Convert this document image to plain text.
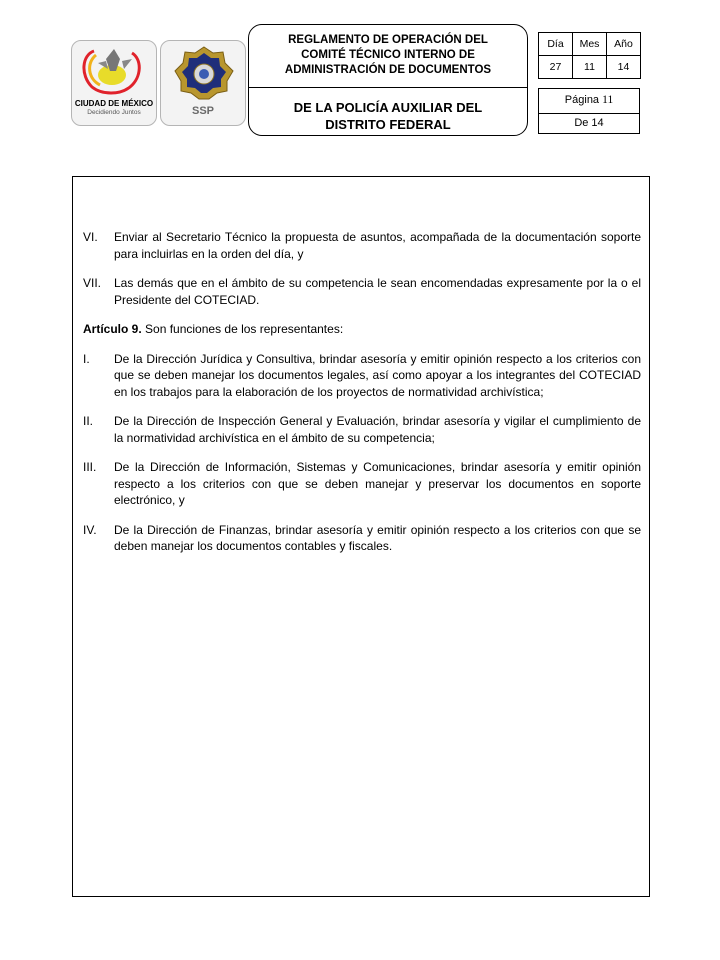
CIUDAD DE MÉXICO
Decidiendo Juntos	SSP
REGLAMENTO DE OPERACIÓN DEL
COMITÉ TÉCNICO INTERNO DE
ADMINISTRACIÓN DE DOCUMENTOS
DE LA POLICÍA AUXILIAR DEL
DISTRITO FEDERAL
Día	Mes	Año
27	11	14
Página 11
De 14
VI.	Enviar al Secretario Técnico la propuesta de asuntos, acompañada de la documentación soporte para incluirlas en la orden del día, y
VII.	Las demás que en el ámbito de su competencia le sean encomendadas expresamente por la o el Presidente del COTECIAD.
Artículo 9. Son funciones de los representantes:
I.	De la Dirección Jurídica y Consultiva, brindar asesoría y emitir opinión respecto a los criterios con que se deben manejar los documentos legales, así como apoyar a los integrantes del COTECIAD en los trabajos para la elaboración de los proyectos de normatividad archivística;
II.	De la Dirección de Inspección General y Evaluación, brindar asesoría y vigilar el cumplimiento de la normatividad archivística en el ámbito de su competencia;
III.	De la Dirección de Información, Sistemas y Comunicaciones, brindar asesoría y emitir opinión respecto a los criterios con que se deben manejar y preservar los documentos en soporte electrónico, y
IV.	De la Dirección de Finanzas, brindar asesoría y emitir opinión respecto a los criterios con que se deben manejar los documentos contables y fiscales.
